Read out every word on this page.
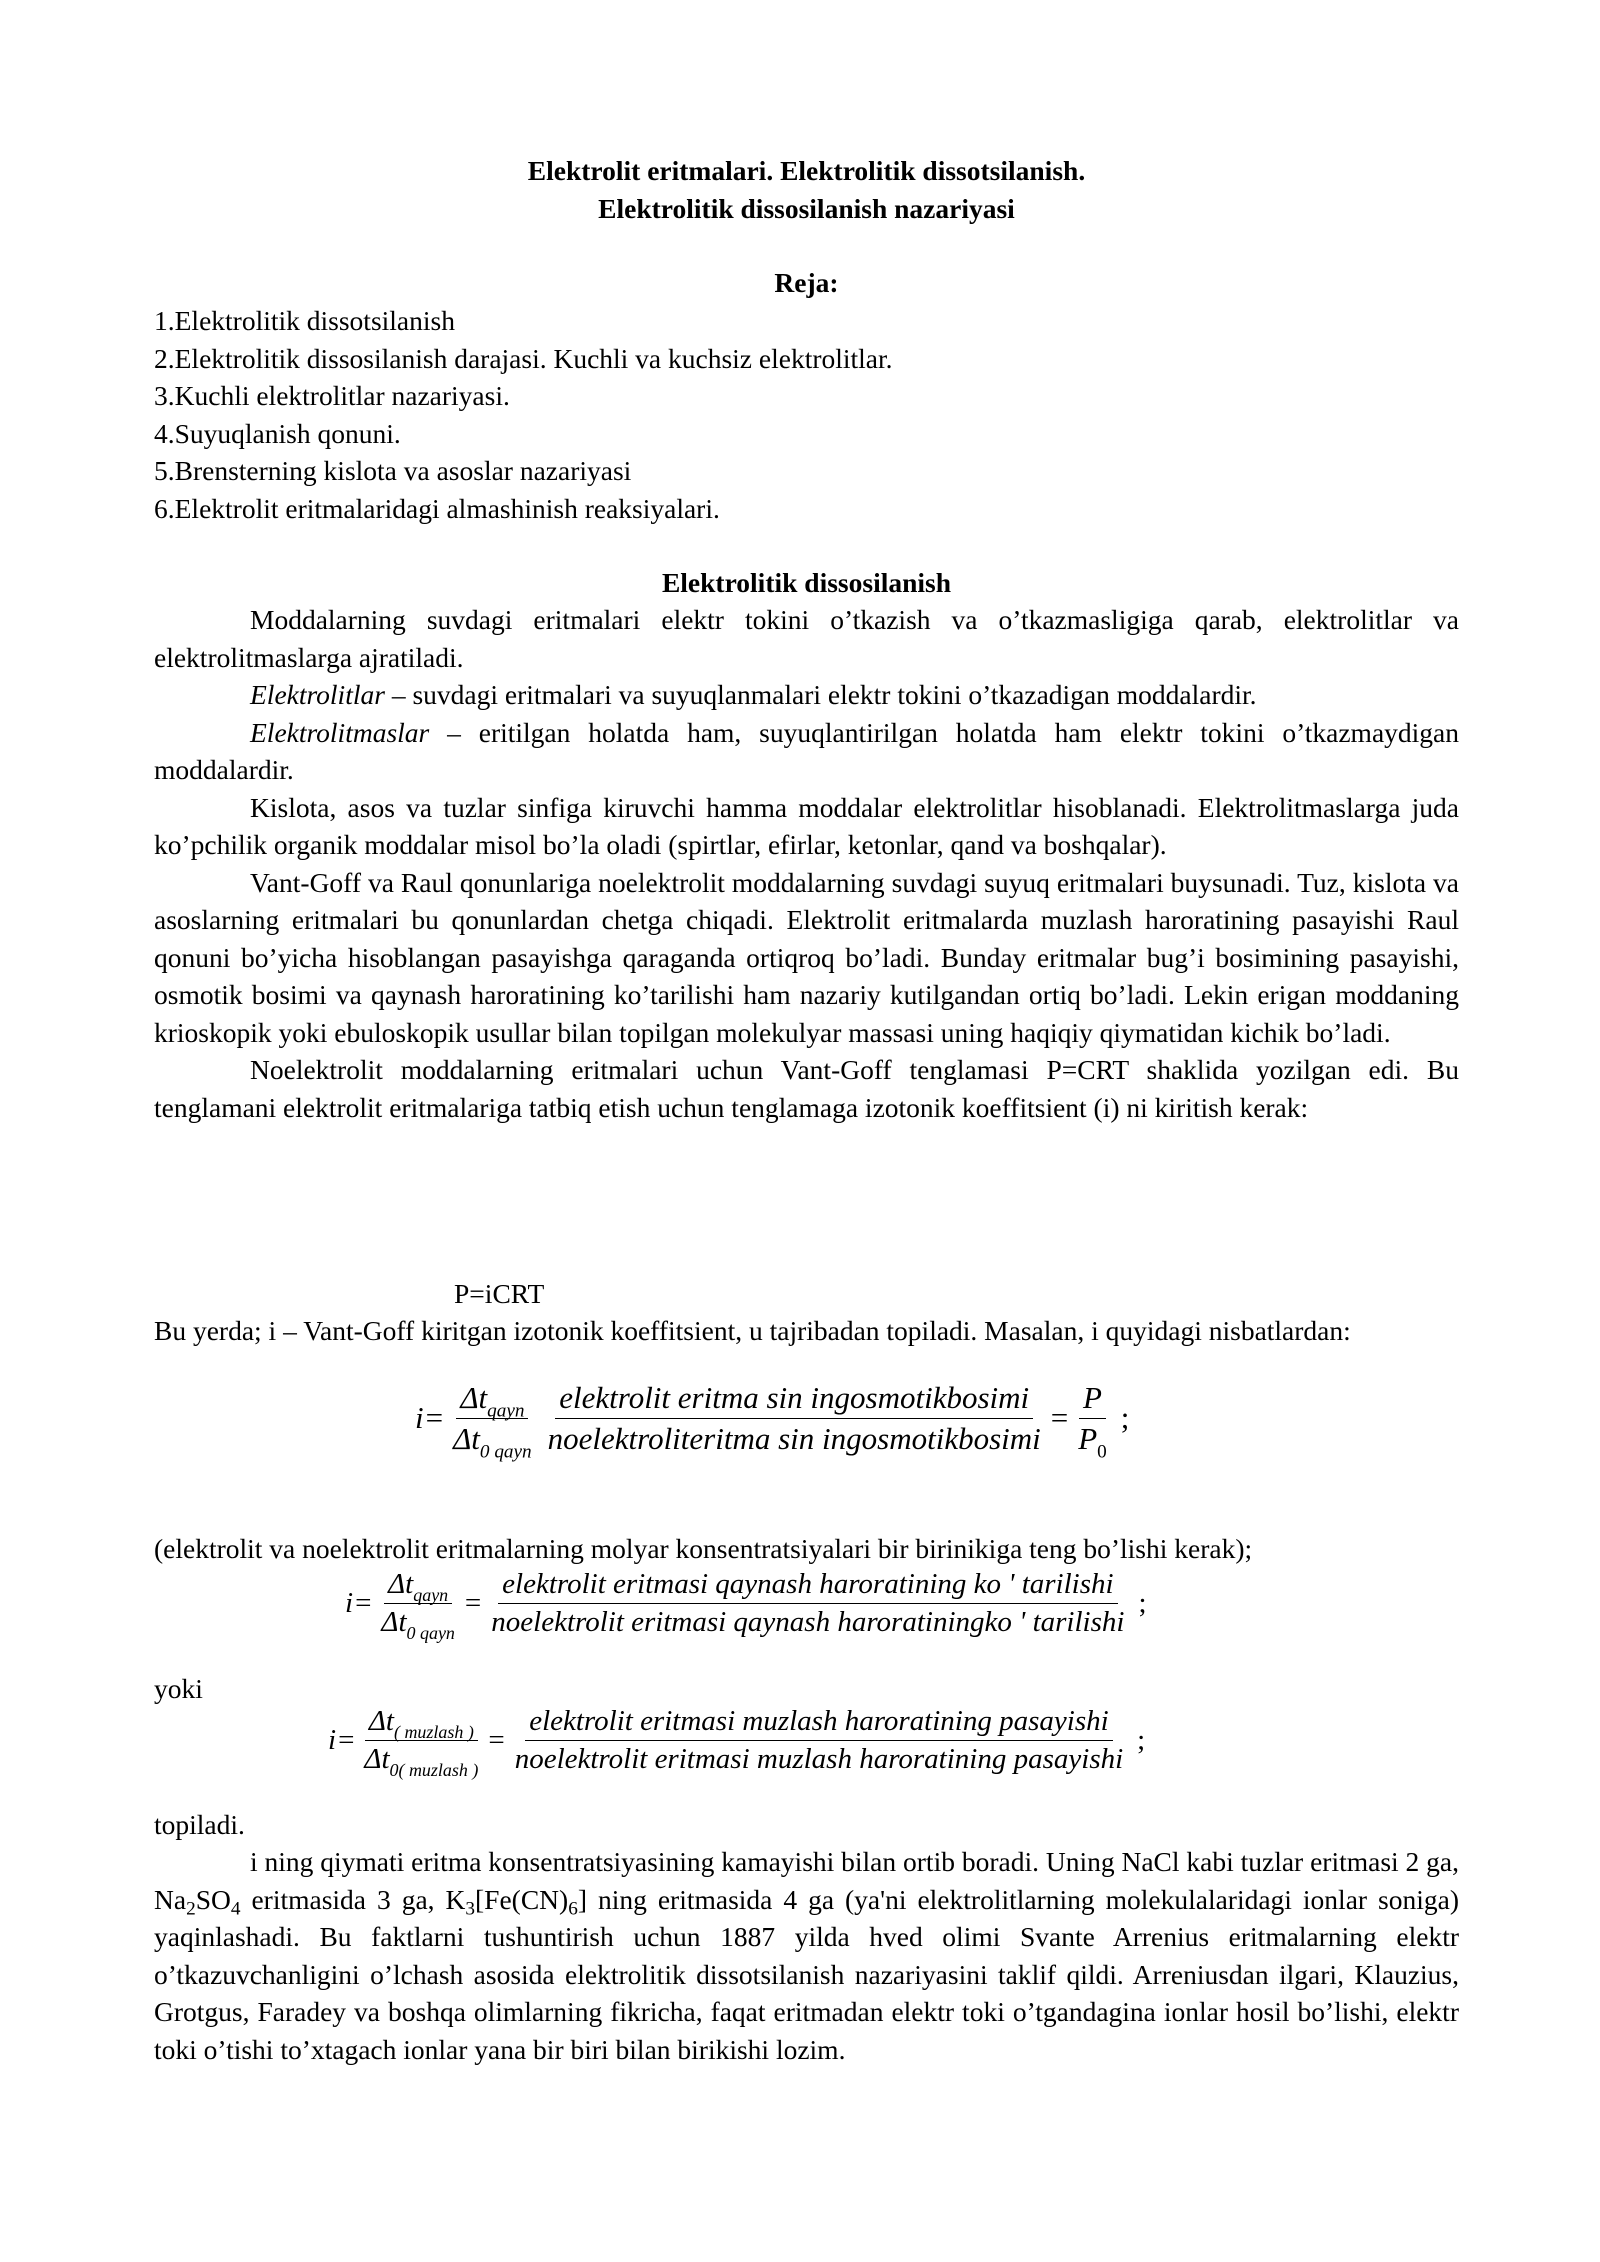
Elektrolit eritmalari. Elektrolitik dissotsilanish.
Elektrolitik dissosilanish nazariyasi
Reja:
1.Elektrolitik dissotsilanish
2.Elektrolitik dissosilanish darajasi. Kuchli va kuchsiz elektrolitlar.
3.Kuchli elektrolitlar nazariyasi.
4.Suyuqlanish qonuni.
5.Brensterning kislota va asoslar nazariyasi
6.Elektrolit eritmalaridagi almashinish reaksiyalari.
Elektrolitik dissosilanish

Moddalarning suvdagi eritmalari elektr tokini o’tkazish va o’tkazmasligiga qarab, elektrolitlar va elektrolitmaslarga ajratiladi.

Elektrolitlar – suvdagi eritmalari va suyuqlanmalari elektr tokini o’tkazadigan moddalardir.

Elektrolitmaslar – eritilgan holatda ham, suyuqlantirilgan holatda ham elektr tokini o’tkazmaydigan moddalardir.

Kislota, asos va tuzlar sinfiga kiruvchi hamma moddalar elektrolitlar hisoblanadi. Elektrolitmaslarga juda ko’pchilik organik moddalar misol bo’la oladi (spirtlar, efirlar, ketonlar, qand va boshqalar).

Vant-Goff va Raul qonunlariga noelektrolit moddalarning suvdagi suyuq eritmalari buysunadi. Tuz, kislota va asoslarning eritmalari bu qonunlardan chetga chiqadi. Elektrolit eritmalarda muzlash haroratining pasayishi Raul qonuni bo’yicha hisoblangan pasayishga qaraganda ortiqroq bo’ladi. Bunday eritmalar bug’i bosimining pasayishi, osmotik bosimi va qaynash haroratining ko’tarilishi ham nazariy kutilgandan ortiq bo’ladi. Lekin erigan moddaning krioskopik yoki ebuloskopik usullar bilan topilgan molekulyar massasi uning haqiqiy qiymatidan kichik bo’ladi.

Noelektrolit moddalarning eritmalari uchun Vant-Goff tenglamasi P=CRT shaklida yozilgan edi. Bu tenglamani elektrolit eritmalariga tatbiq etish uchun tenglamaga izotonik koeffitsient (i) ni kiritish kerak:

P=iCRT
Bu yerda; i – Vant-Goff kiritgan izotonik koeffitsient, u tajribadan topiladi. Masalan, i quyidagi nisbatlardan:
$i = \frac{\Delta t_{qayn}}{\Delta t_{0 qayn}} \frac{\text{elektrolit eritma sin ingosmotikbosimi}}{\text{noelektroliteritma sin ingosmotikbosimi}} = \frac{P}{P_0}$ ;
(elektrolit va noelektrolit eritmalarning molyar konsentratsiyalari bir birinikiga teng bo’lishi kerak);
$i = \frac{\Delta t_{qayn}}{\Delta t_{0 qayn}} = \frac{\text{elektrolit eritmasi qaynash haroratining ko ' tarilishi}}{\text{noelektrolit eritmasi qaynash haroratiningko ' tarilishi}}$ ;
yoki
$i = \frac{\Delta t_{( muzlash )}}{\Delta t_{0( muzlash )}} = \frac{\text{elektrolit eritmasi muzlash haroratining pasayishi}}{\text{noelektrolit eritmasi muzlash haroratining pasayishi}}$ ;
topiladi.

i ning qiymati eritma konsentratsiyasining kamayishi bilan ortib boradi. Uning NaCl kabi tuzlar eritmasi 2 ga, $Na_2SO_4$ eritmasida 3 ga, $K_3[Fe(CN)_6]$ ning eritmasida 4 ga (ya'ni elektrolitlarning molekulalaridagi ionlar soniga) yaqinlashadi. Bu faktlarni tushuntirish uchun 1887 yilda hved olimi Svante Arrenius eritmalarning elektr o’tkazuvchanligini o’lchash asosida elektrolitik dissotsilanish nazariyasini taklif qildi. Arreniusdan ilgari, Klauzius, Grotgus, Faradey va boshqa olimlarning fikricha, faqat eritmadan elektr toki o’tgandagina ionlar hosil bo’lishi, elektr toki o’tishi to’xtagach ionlar yana bir biri bilan birikishi lozim.
